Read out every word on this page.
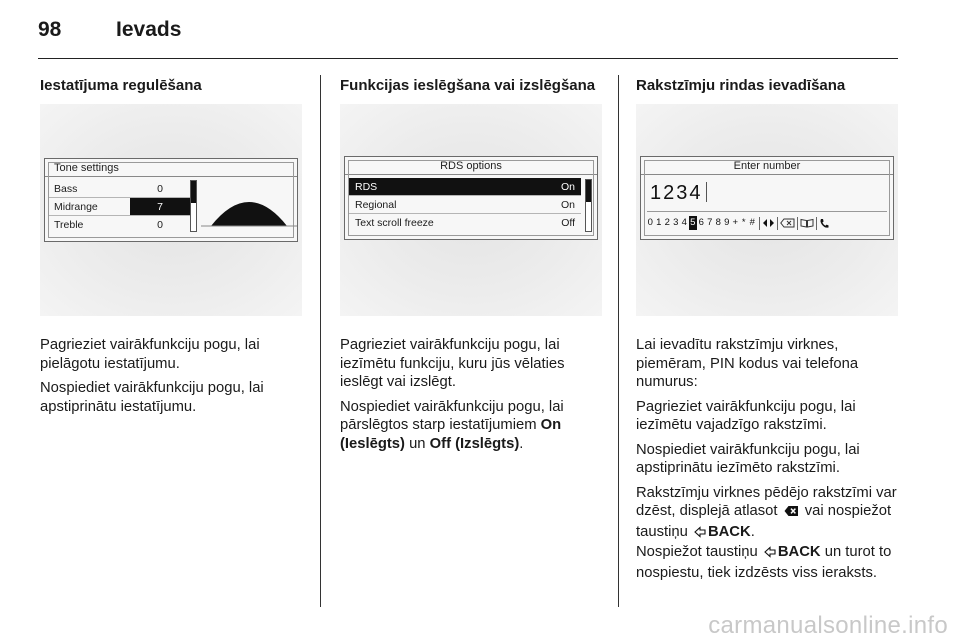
98	Ievads
Iestatījuma regulēšana
Tone settings
Bass	0
Midrange	7
Treble	0

Pagrieziet vairākfunkciju pogu, lai pielāgotu iestatījumu.

Nospiediet vairākfunkciju pogu, lai apstiprinātu iestatījumu.

Funkcijas ieslēgšana vai izslēgšana
RDS options
RDS	On
Regional	On
Text scroll freeze	Off

Pagrieziet vairākfunkciju pogu, lai iezīmētu funkciju, kuru jūs vēlaties ieslēgt vai izslēgt.

Nospiediet vairākfunkciju pogu, lai pārslēgtos starp iestatījumiem On (Ieslēgts) un Off (Izslēgts).

Rakstzīmju rindas ievadīšana
Enter number
1234
0 1 2 3 4 5 6 7 8 9 + * #

Lai ievadītu rakstzīmju virknes, piemēram, PIN kodus vai telefona numurus:

Pagrieziet vairākfunkciju pogu, lai iezīmētu vajadzīgo rakstzīmi.

Nospiediet vairākfunkciju pogu, lai apstiprinātu iezīmēto rakstzīmi.

Rakstzīmju virknes pēdējo rakstzīmi var dzēst, displejā atlasot  vai nospiežot taustiņu BACK.
Nospiežot taustiņu BACK un turot to nospiestu, tiek izdzēsts viss ieraksts.

carmanualsonline.info
